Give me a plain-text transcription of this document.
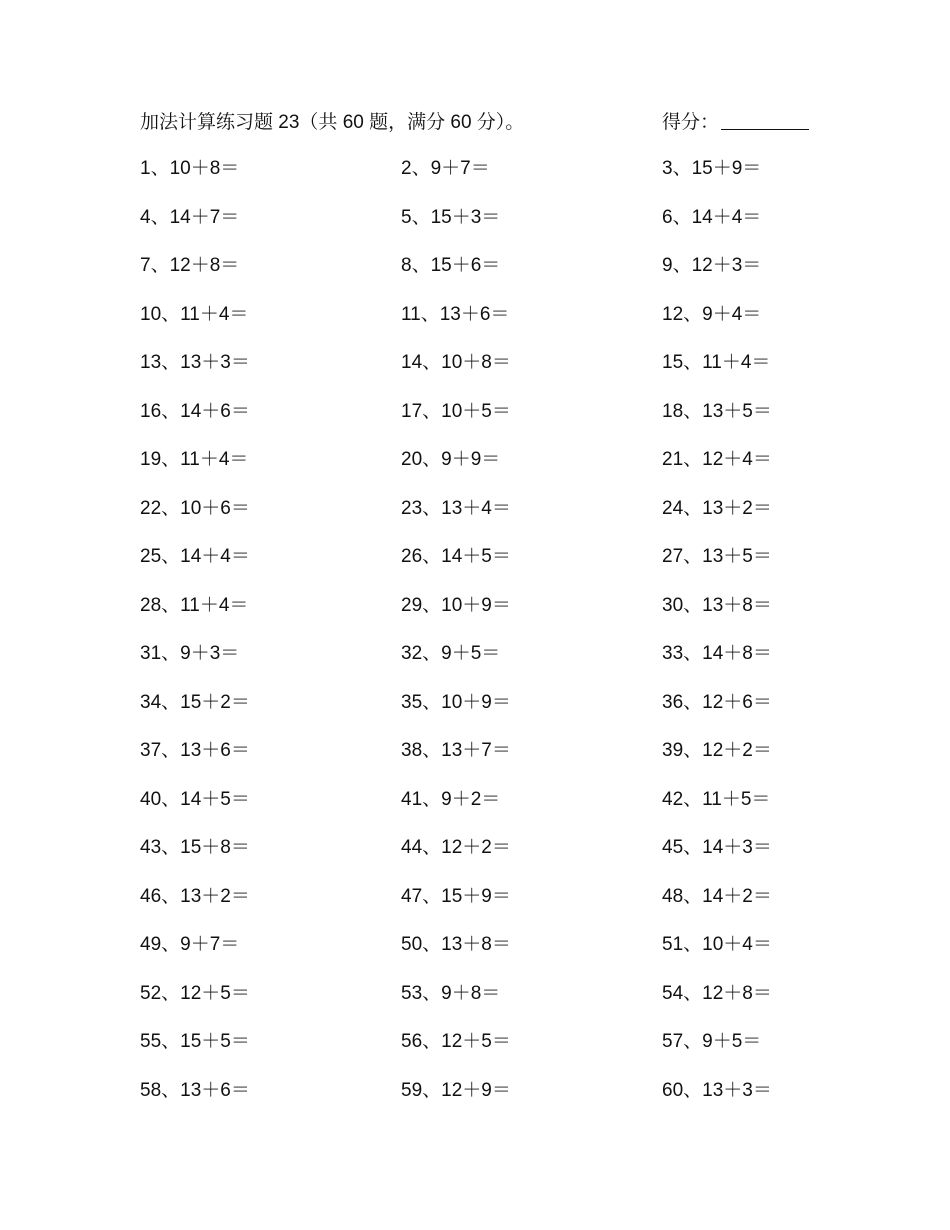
加法计算练习题 23（共 60 题，满分 60 分）。	得分：
1、10＋8＝	2、9＋7＝	3、15＋9＝
4、14＋7＝	5、15＋3＝	6、14＋4＝
7、12＋8＝	8、15＋6＝	9、12＋3＝
10、11＋4＝	11、13＋6＝	12、9＋4＝
13、13＋3＝	14、10＋8＝	15、11＋4＝
16、14＋6＝	17、10＋5＝	18、13＋5＝
19、11＋4＝	20、9＋9＝	21、12＋4＝
22、10＋6＝	23、13＋4＝	24、13＋2＝
25、14＋4＝	26、14＋5＝	27、13＋5＝
28、11＋4＝	29、10＋9＝	30、13＋8＝
31、9＋3＝	32、9＋5＝	33、14＋8＝
34、15＋2＝	35、10＋9＝	36、12＋6＝
37、13＋6＝	38、13＋7＝	39、12＋2＝
40、14＋5＝	41、9＋2＝	42、11＋5＝
43、15＋8＝	44、12＋2＝	45、14＋3＝
46、13＋2＝	47、15＋9＝	48、14＋2＝
49、9＋7＝	50、13＋8＝	51、10＋4＝
52、12＋5＝	53、9＋8＝	54、12＋8＝
55、15＋5＝	56、12＋5＝	57、9＋5＝
58、13＋6＝	59、12＋9＝	60、13＋3＝
